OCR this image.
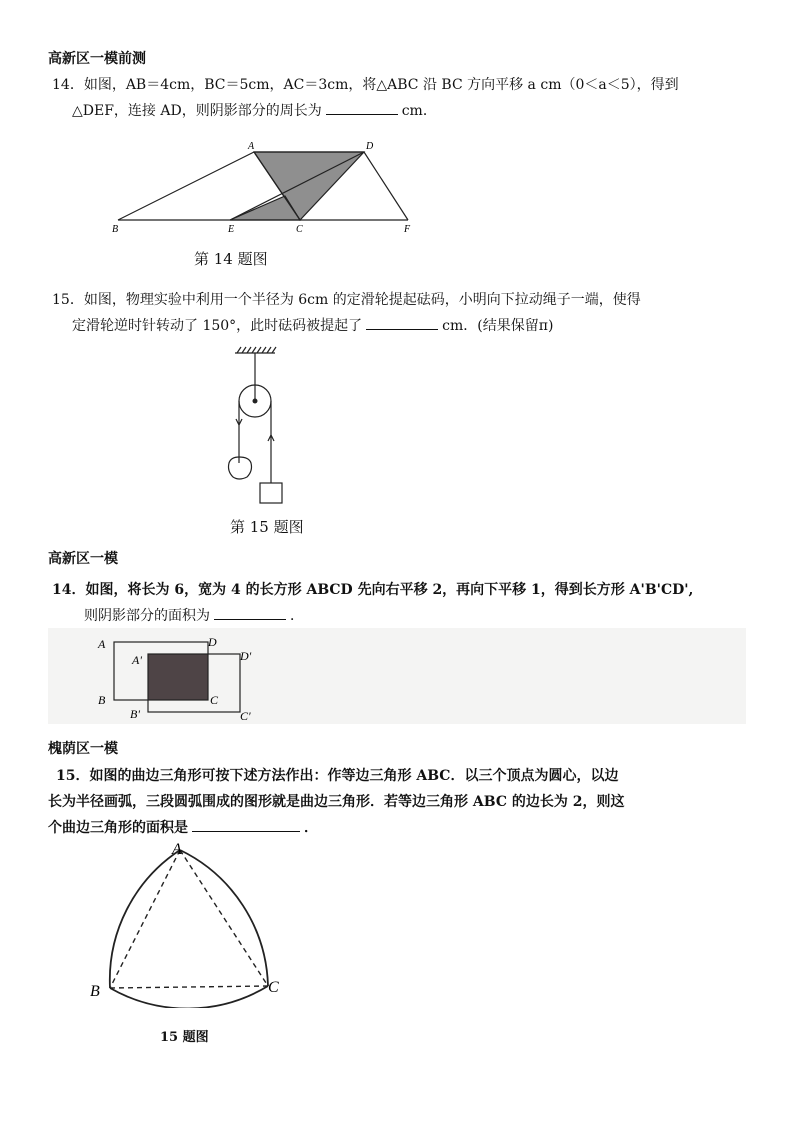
高新区一模前测
14．如图，AB＝4cm，BC＝5cm，AC＝3cm，将△ABC 沿 BC 方向平移 a cm（0＜a＜5），得到
△DEF，连接 AD，则阴影部分的周长为	cm．
A	D
B	E	C	F
第 14 题图
15．如图，物理实验中利用一个半径为 6cm 的定滑轮提起砝码，小明向下拉动绳子一端，使得
定滑轮逆时针转动了 150°，此时砝码被提起了	cm．(结果保留π)
第 15 题图
高新区一模
14．如图，将长为 6，宽为 4 的长方形 ABCD 先向右平移 2，再向下平移 1，得到长方形 A'B'CD',
则阴影部分的面积为	．
A	D
B	C
A'	D'
B'	C'
槐荫区一模
15．如图的曲边三角形可按下述方法作出：作等边三角形 ABC．以三个顶点为圆心，以边
长为半径画弧，三段圆弧围成的图形就是曲边三角形．若等边三角形 ABC 的边长为 2，则这
个曲边三角形的面积是	．
A
B	C
15 题图
